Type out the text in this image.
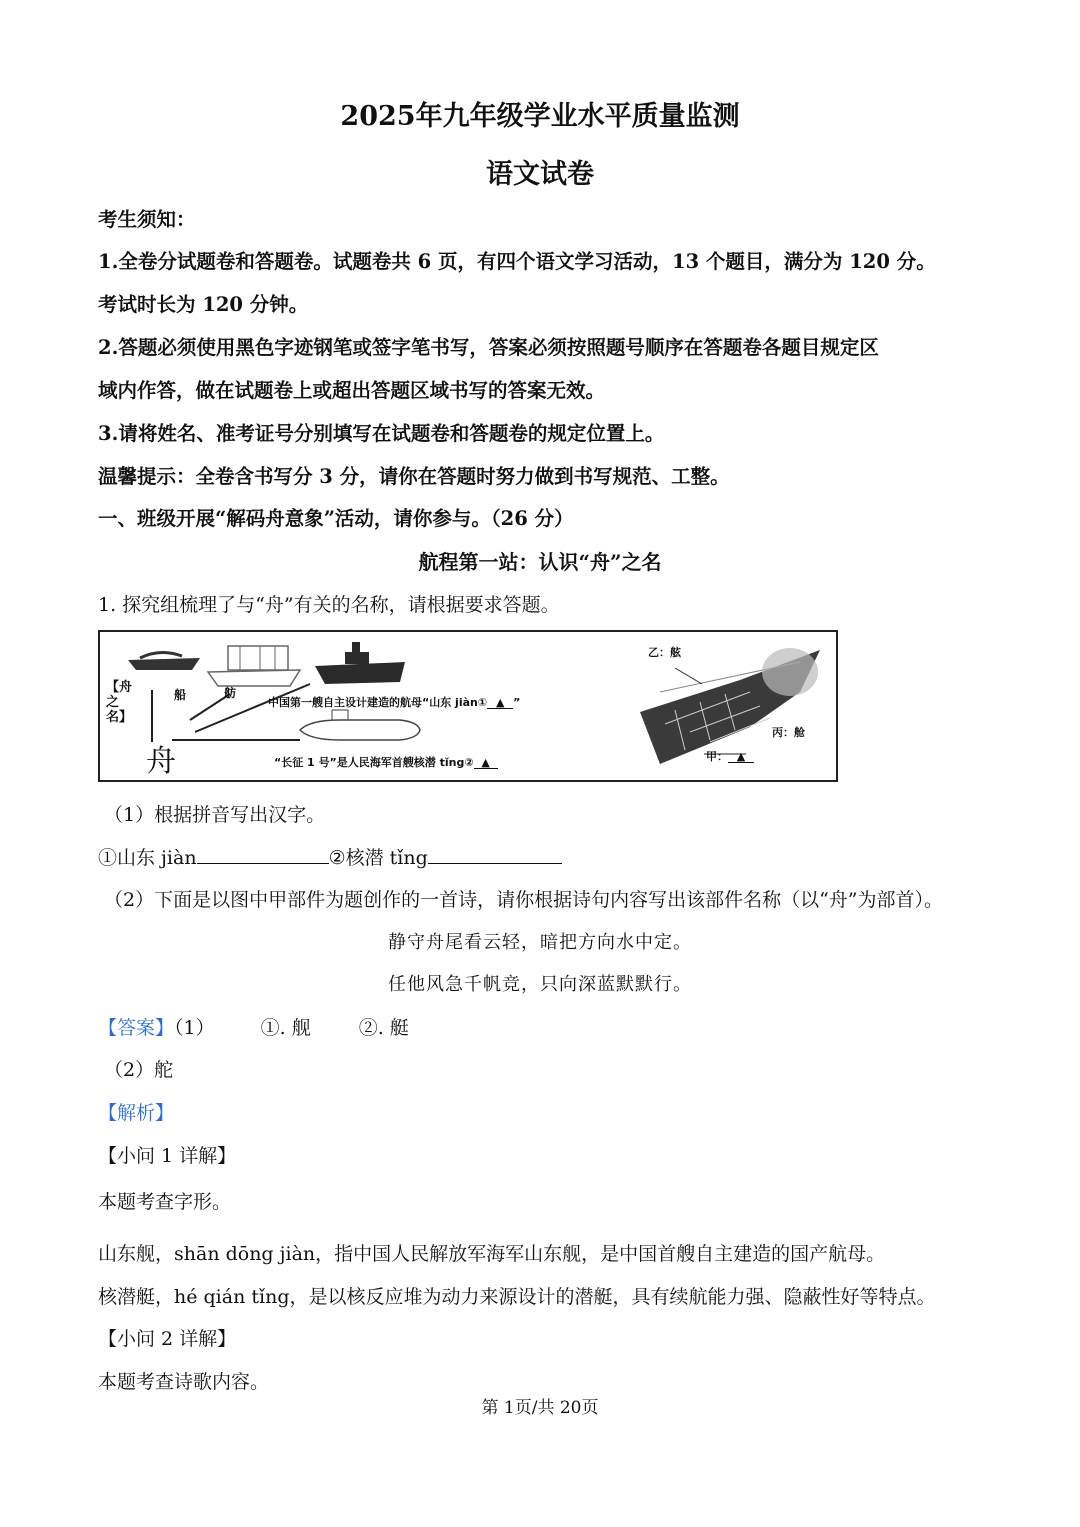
2025年九年级学业水平质量监测
语文试卷
考生须知：
1.全卷分试题卷和答题卷。试题卷共 6 页，有四个语文学习活动，13 个题目，满分为 120 分。
考试时长为 120 分钟。
2.答题必须使用黑色字迹钢笔或签字笔书写，答案必须按照题号顺序在答题卷各题目规定区
域内作答，做在试题卷上或超出答题区域书写的答案无效。
3.请将姓名、准考证号分别填写在试题卷和答题卷的规定位置上。
温馨提示：全卷含书写分 3 分，请你在答题时努力做到书写规范、工整。
一、班级开展“解码舟意象”活动，请你参与。（26 分）
航程第一站：认识“舟”之名
1. 探究组梳理了与“舟”有关的名称，请根据要求答题。
【舟之名】
舟
船	舫
中国第一艘自主设计建造的航母“山东 jiàn① ▲ ”
“长征 1 号”是人民海军首艘核潜 tǐng② ▲
乙：舷
丙：舱
甲： ▲
（1）根据拼音写出汉字。
①山东 jiàn	②核潜 tǐng
（2）下面是以图中甲部件为题创作的一首诗，请你根据诗句内容写出该部件名称（以“舟”为部首）。
静守舟尾看云轻，暗把方向水中定。
任他风急千帆竞，只向深蓝默默行。
【答案】（1） ①. 舰	②. 艇
（2）舵
【解析】
【小问 1 详解】
本题考查字形。
山东舰，shān dōng jiàn，指中国人民解放军海军山东舰，是中国首艘自主建造的国产航母。
核潜艇，hé qián tǐng，是以核反应堆为动力来源设计的潜艇，具有续航能力强、隐蔽性好等特点。
【小问 2 详解】
本题考查诗歌内容。
第 1页/共 20页
